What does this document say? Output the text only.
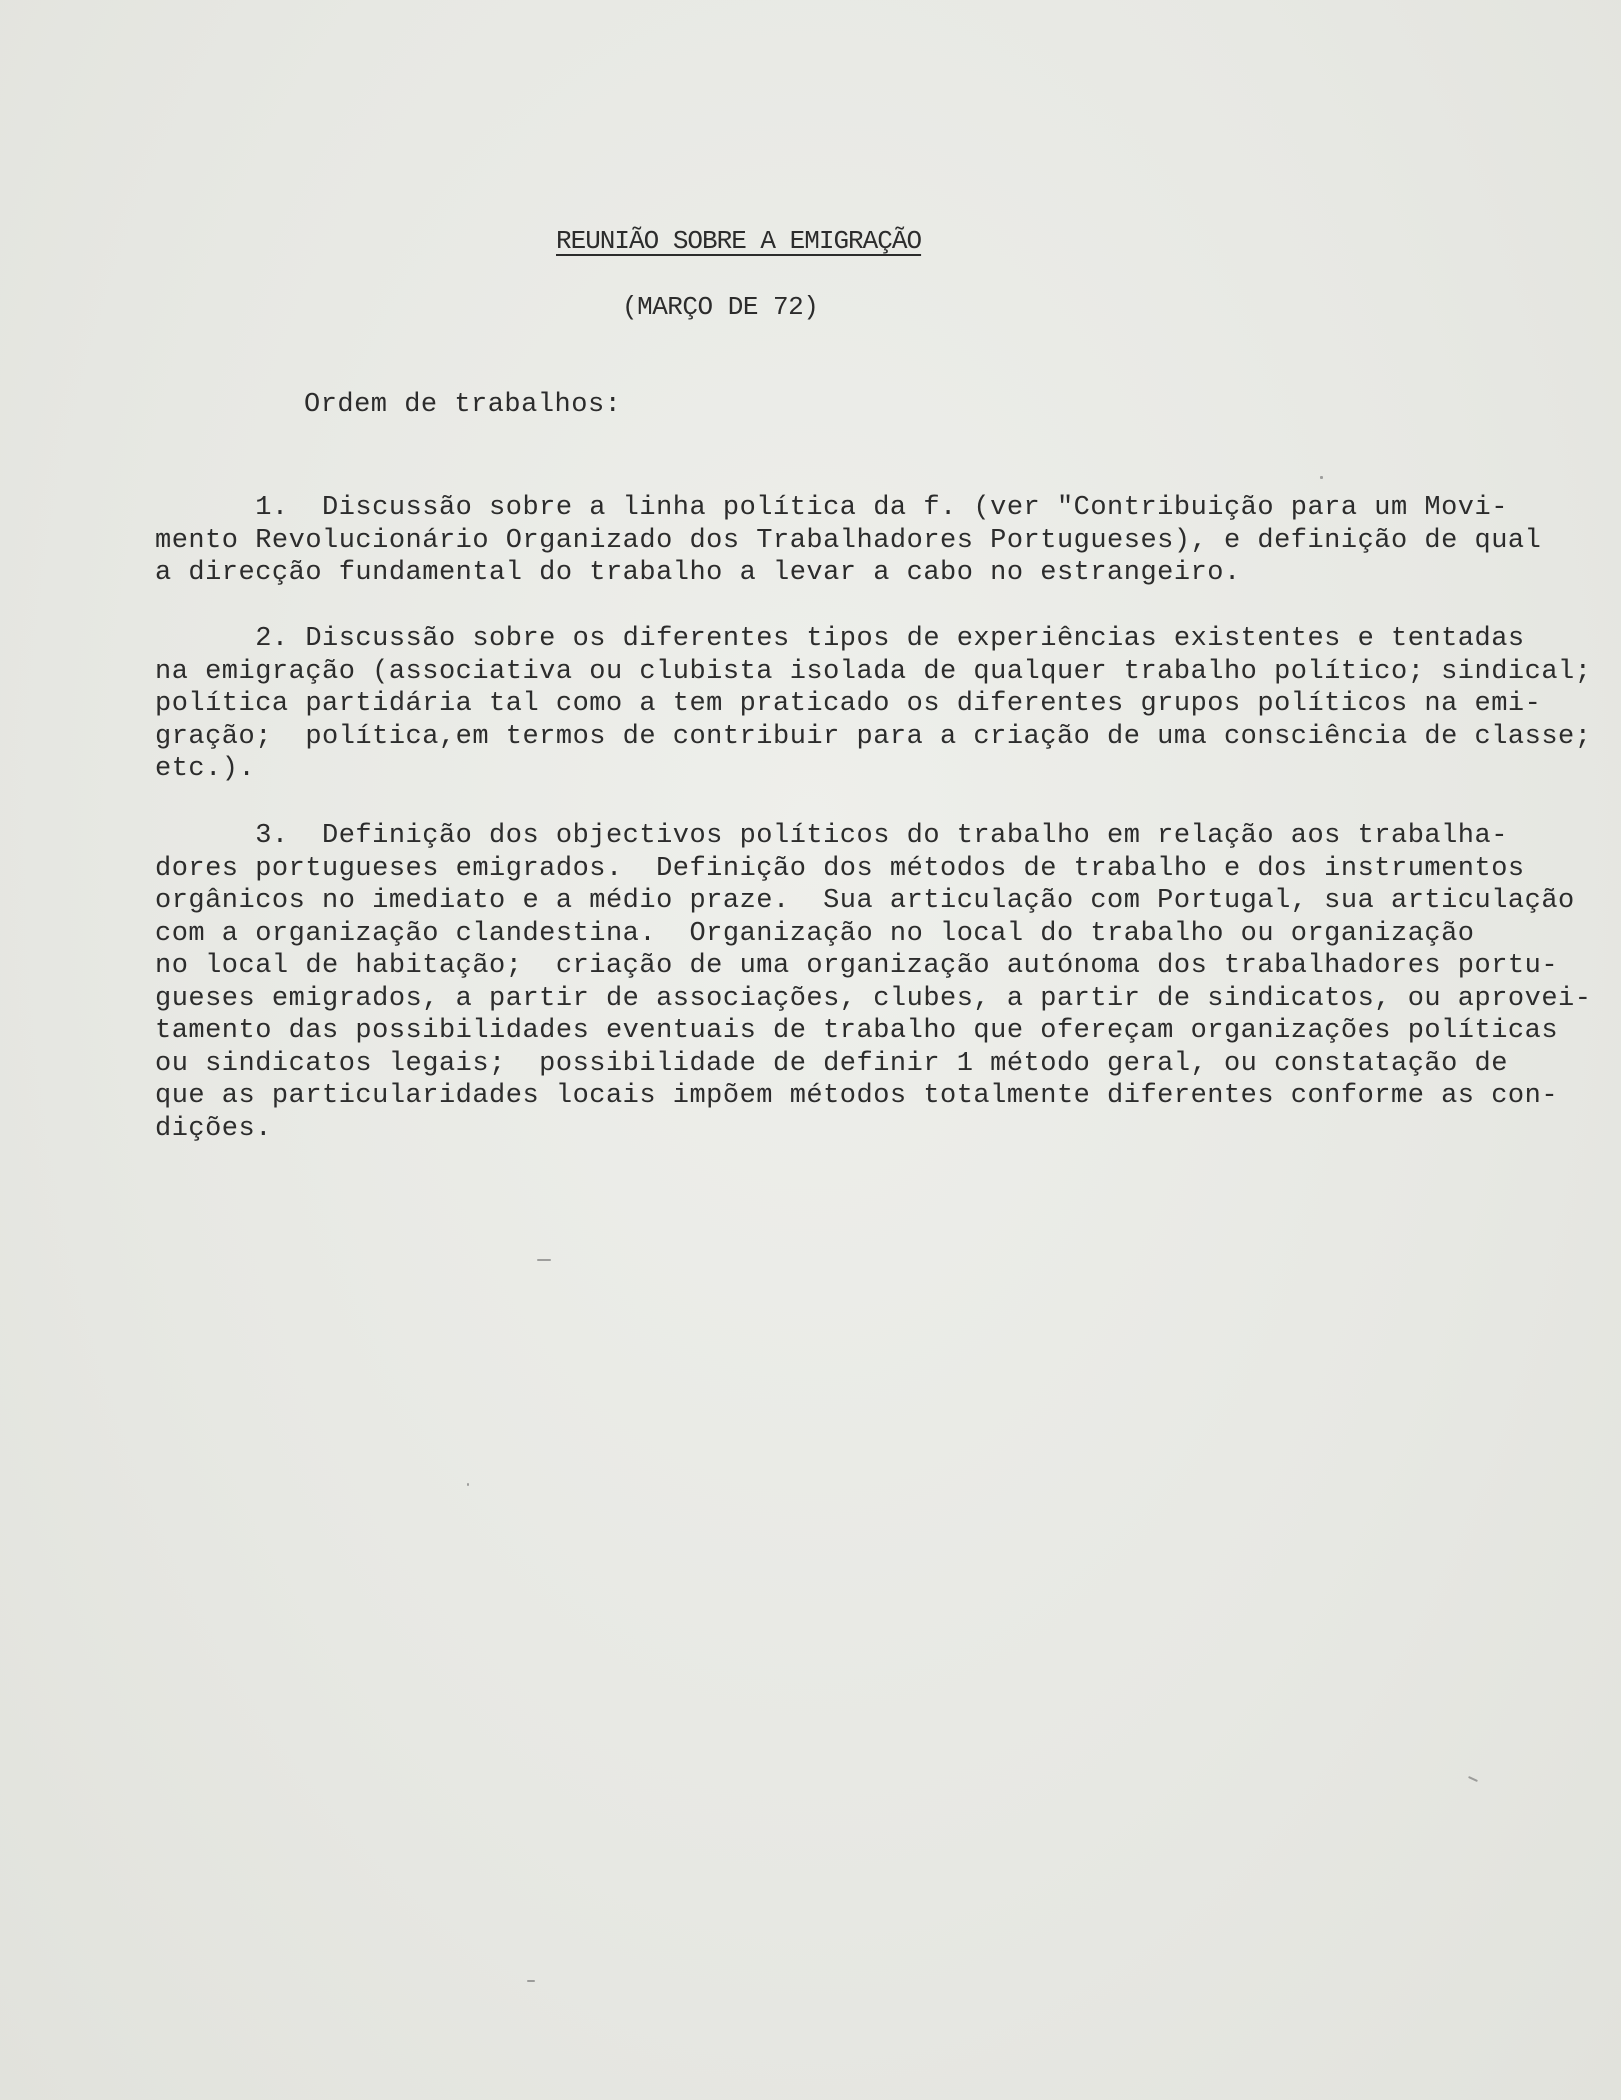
REUNIÃO SOBRE A EMIGRAÇÃO
(MARÇO DE 72)
Ordem de trabalhos:
1.  Discussão sobre a linha política da f. (ver "Contribuição para um Movi-
mento Revolucionário Organizado dos Trabalhadores Portugueses), e definição de qual
a direcção fundamental do trabalho a levar a cabo no estrangeiro.
2. Discussão sobre os diferentes tipos de experiências existentes e tentadas
na emigração (associativa ou clubista isolada de qualquer trabalho político; sindical;
política partidária tal como a tem praticado os diferentes grupos políticos na emi-
gração;  política,em termos de contribuir para a criação de uma consciência de classe;
etc.).
3.  Definição dos objectivos políticos do trabalho em relação aos trabalha-
dores portugueses emigrados.  Definição dos métodos de trabalho e dos instrumentos
orgânicos no imediato e a médio praze.  Sua articulação com Portugal, sua articulação
com a organização clandestina.  Organização no local do trabalho ou organização
no local de habitação;  criação de uma organização autónoma dos trabalhadores portu-
gueses emigrados, a partir de associações, clubes, a partir de sindicatos, ou aprovei-
tamento das possibilidades eventuais de trabalho que ofereçam organizações políticas
ou sindicatos legais;  possibilidade de definir 1 método geral, ou constatação de
que as particularidades locais impõem métodos totalmente diferentes conforme as con-
dições.
